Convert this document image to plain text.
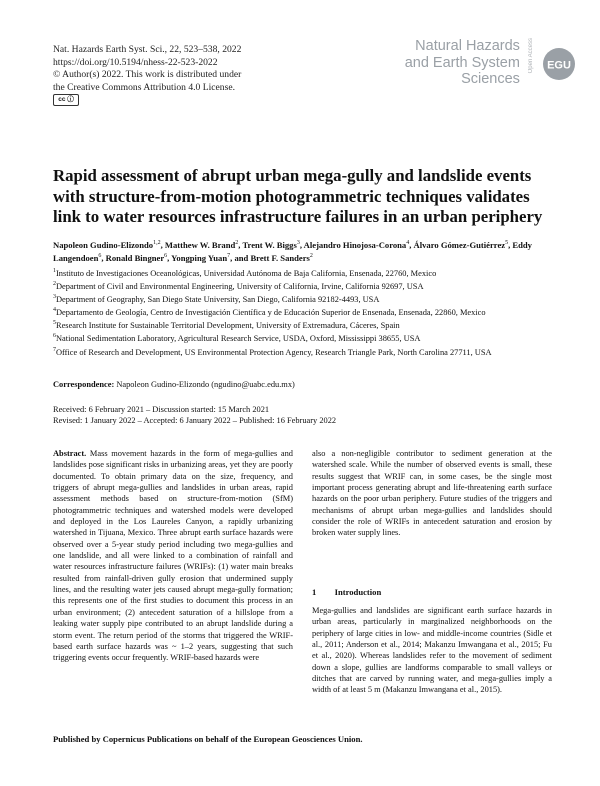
Nat. Hazards Earth Syst. Sci., 22, 523–538, 2022
https://doi.org/10.5194/nhess-22-523-2022
© Author(s) 2022. This work is distributed under
the Creative Commons Attribution 4.0 License.
cc ⓘ
Natural Hazards
and Earth System
Sciences
Open Access EGU
Rapid assessment of abrupt urban mega-gully and landslide events with structure-from-motion photogrammetric techniques validates link to water resources infrastructure failures in an urban periphery
Napoleon Gudino-Elizondo$^{1,2}$, Matthew W. Brand$^2$, Trent W. Biggs$^3$, Alejandro Hinojosa-Corona$^4$, Álvaro Gómez-Gutiérrez$^5$, Eddy Langendoen$^6$, Ronald Bingner$^6$, Yongping Yuan$^7$, and Brett F. Sanders$^2$
$^1$Instituto de Investigaciones Oceanológicas, Universidad Autónoma de Baja California, Ensenada, 22760, Mexico
$^2$Department of Civil and Environmental Engineering, University of California, Irvine, California 92697, USA
$^3$Department of Geography, San Diego State University, San Diego, California 92182-4493, USA
$^4$Departamento de Geología, Centro de Investigación Científica y de Educación Superior de Ensenada, Ensenada, 22860, Mexico
$^5$Research Institute for Sustainable Territorial Development, University of Extremadura, Cáceres, Spain
$^6$National Sedimentation Laboratory, Agricultural Research Service, USDA, Oxford, Mississippi 38655, USA
$^7$Office of Research and Development, US Environmental Protection Agency, Research Triangle Park, North Carolina 27711, USA
Correspondence: Napoleon Gudino-Elizondo (ngudino@uabc.edu.mx)
Received: 6 February 2021 – Discussion started: 15 March 2021
Revised: 1 January 2022 – Accepted: 6 January 2022 – Published: 16 February 2022
Abstract. Mass movement hazards in the form of mega-gullies and landslides pose significant risks in urbanizing areas, yet they are poorly documented. To obtain primary data on the size, frequency, and triggers of abrupt mega-gullies and landslides in urban areas, rapid assessment methods based on structure-from-motion (SfM) photogrammetric techniques and watershed models were developed and deployed in the Los Laureles Canyon, a rapidly urbanizing watershed in Tijuana, Mexico. Three abrupt earth surface hazards were observed over a 5-year study period including two mega-gullies and one landslide, and all were linked to a combination of rainfall and water resources infrastructure failures (WRIFs): (1) water main breaks resulted from rainfall-driven gully erosion that undermined supply lines, and the resulting water jets caused abrupt mega-gully formation; this represents one of the first studies to document this process in an urban environment; (2) antecedent saturation of a hillslope from a leaking water supply pipe contributed to an abrupt landslide during a storm event. The return period of the storms that triggered the WRIF-based earth surface hazards was ~ 1–2 years, suggesting that such triggering events occur frequently. WRIF-based hazards were
also a non-negligible contributor to sediment generation at the watershed scale. While the number of observed events is small, these results suggest that WRIF can, in some cases, be the single most important process generating abrupt and life-threatening earth surface hazards on the poor urban periphery. Future studies of the triggers and mechanisms of abrupt urban mega-gullies and landslides should consider the role of WRIFs in antecedent saturation and erosion by broken water supply lines.
1 Introduction
Mega-gullies and landslides are significant earth surface hazards in urban areas, particularly in marginalized neighborhoods on the periphery of large cities in low- and middle-income countries (Sidle et al., 2011; Anderson et al., 2014; Makanzu Imwangana et al., 2015; Fu et al., 2020). Whereas landslides refer to the movement of sediment down a slope, gullies are landforms comparable to small valleys or ditches that are carved by running water, and mega-gullies imply a width of at least 5 m (Makanzu Imwangana et al., 2015).
Published by Copernicus Publications on behalf of the European Geosciences Union.
